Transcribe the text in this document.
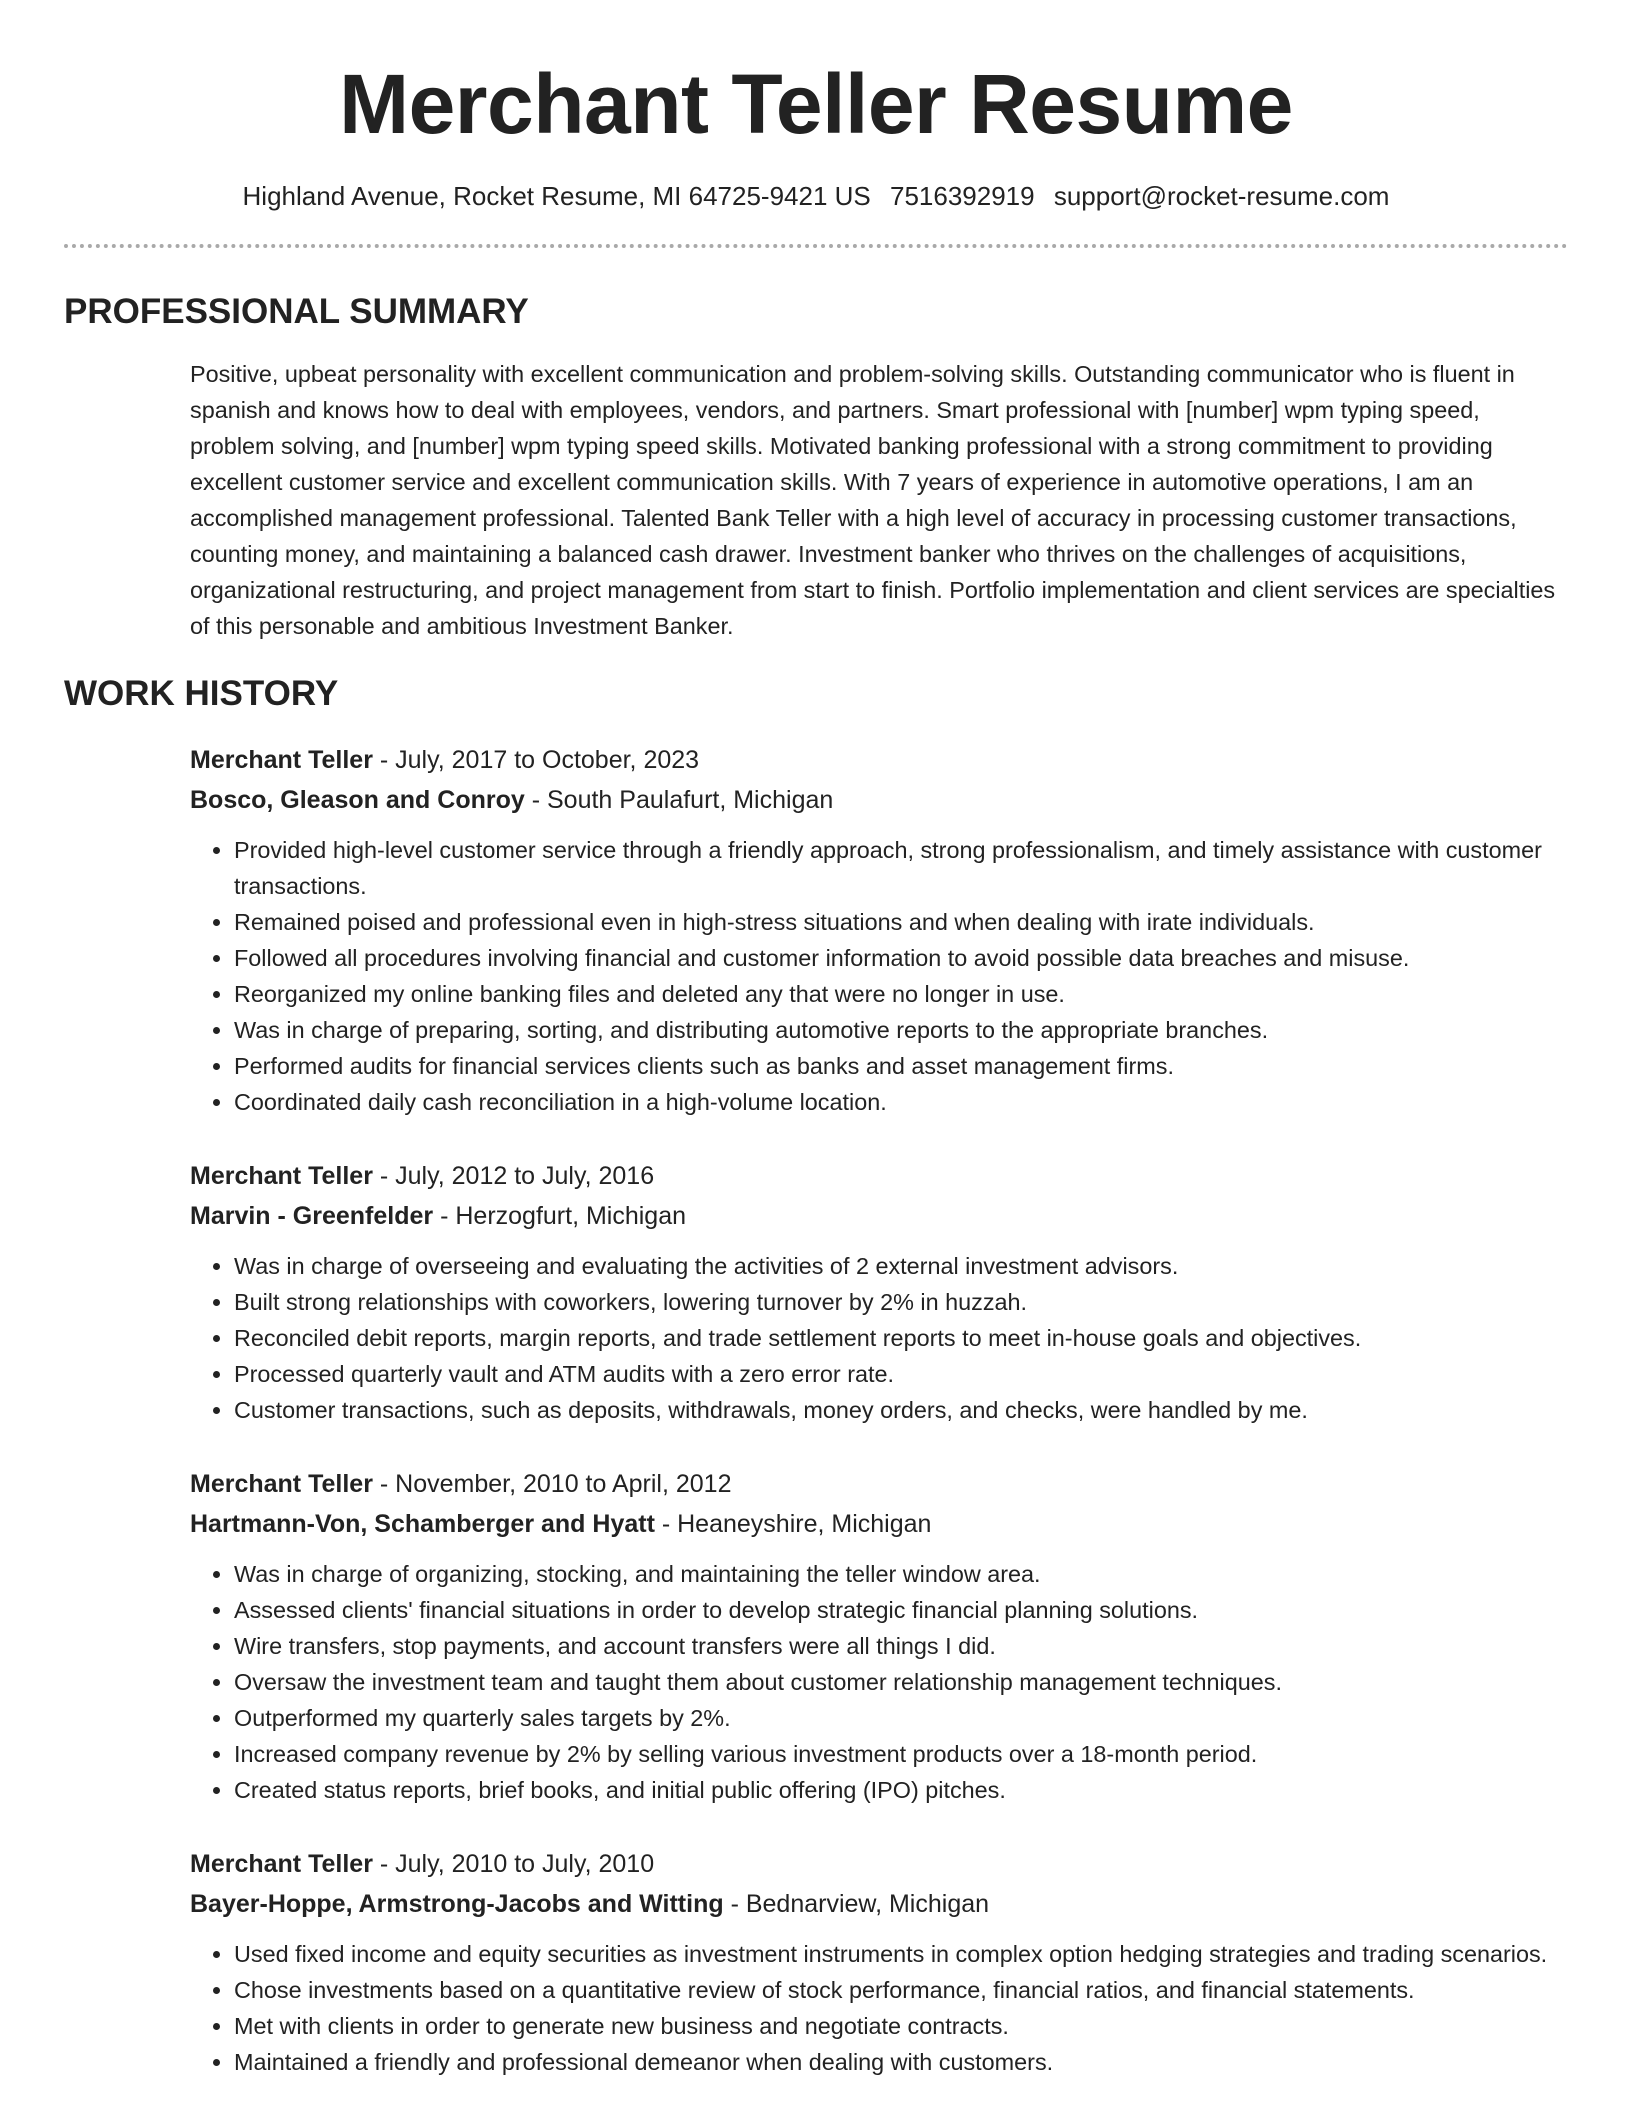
Merchant Teller Resume
Highland Avenue, Rocket Resume, MI 64725-9421 US 7516392919 support@rocket-resume.com
PROFESSIONAL SUMMARY

Positive, upbeat personality with excellent communication and problem-solving skills. Outstanding communicator who is fluent in spanish and knows how to deal with employees, vendors, and partners. Smart professional with [number] wpm typing speed, problem solving, and [number] wpm typing speed skills. Motivated banking professional with a strong commitment to providing excellent customer service and excellent communication skills. With 7 years of experience in automotive operations, I am an accomplished management professional. Talented Bank Teller with a high level of accuracy in processing customer transactions, counting money, and maintaining a balanced cash drawer. Investment banker who thrives on the challenges of acquisitions, organizational restructuring, and project management from start to finish. Portfolio implementation and client services are specialties of this personable and ambitious Investment Banker.

WORK HISTORY
Merchant Teller - July, 2017 to October, 2023
Bosco, Gleason and Conroy - South Paulafurt, Michigan
• Provided high-level customer service through a friendly approach, strong professionalism, and timely assistance with customer transactions.
• Remained poised and professional even in high-stress situations and when dealing with irate individuals.
• Followed all procedures involving financial and customer information to avoid possible data breaches and misuse.
• Reorganized my online banking files and deleted any that were no longer in use.
• Was in charge of preparing, sorting, and distributing automotive reports to the appropriate branches.
• Performed audits for financial services clients such as banks and asset management firms.
• Coordinated daily cash reconciliation in a high-volume location.
Merchant Teller - July, 2012 to July, 2016
Marvin - Greenfelder - Herzogfurt, Michigan
• Was in charge of overseeing and evaluating the activities of 2 external investment advisors.
• Built strong relationships with coworkers, lowering turnover by 2% in huzzah.
• Reconciled debit reports, margin reports, and trade settlement reports to meet in-house goals and objectives.
• Processed quarterly vault and ATM audits with a zero error rate.
• Customer transactions, such as deposits, withdrawals, money orders, and checks, were handled by me.
Merchant Teller - November, 2010 to April, 2012
Hartmann-Von, Schamberger and Hyatt - Heaneyshire, Michigan
• Was in charge of organizing, stocking, and maintaining the teller window area.
• Assessed clients' financial situations in order to develop strategic financial planning solutions.
• Wire transfers, stop payments, and account transfers were all things I did.
• Oversaw the investment team and taught them about customer relationship management techniques.
• Outperformed my quarterly sales targets by 2%.
• Increased company revenue by 2% by selling various investment products over a 18-month period.
• Created status reports, brief books, and initial public offering (IPO) pitches.
Merchant Teller - July, 2010 to July, 2010
Bayer-Hoppe, Armstrong-Jacobs and Witting - Bednarview, Michigan
• Used fixed income and equity securities as investment instruments in complex option hedging strategies and trading scenarios.
• Chose investments based on a quantitative review of stock performance, financial ratios, and financial statements.
• Met with clients in order to generate new business and negotiate contracts.
• Maintained a friendly and professional demeanor when dealing with customers.
